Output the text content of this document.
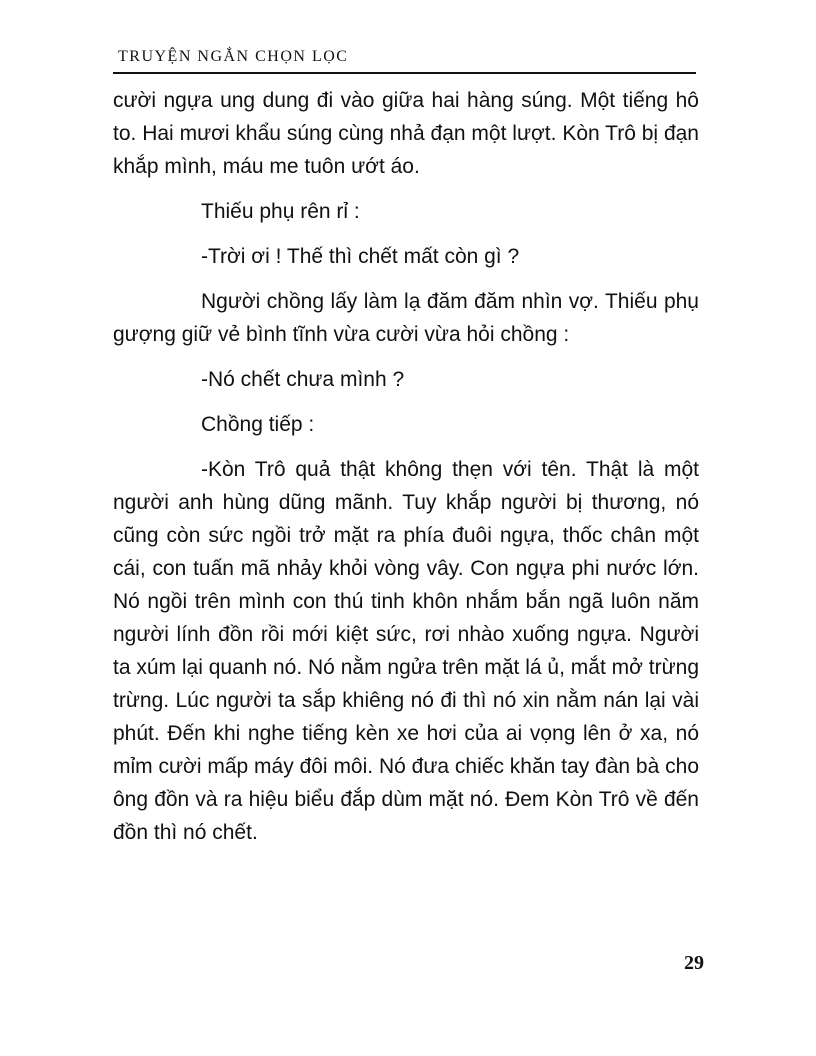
TRUYỆN NGẮN CHỌN LỌC

cười ngựa ung dung đi vào giữa hai hàng súng. Một tiếng hô to. Hai mươi khẩu súng cùng nhả đạn một lượt. Kòn Trô bị đạn khắp mình, máu me tuôn ướt áo.

Thiếu phụ rên rỉ :

-Trời ơi ! Thế thì chết mất còn gì ?

Người chồng lấy làm lạ đăm đăm nhìn vợ. Thiếu phụ gượng giữ vẻ bình tĩnh vừa cười vừa hỏi chồng :

-Nó chết chưa mình ?

Chồng tiếp :

-Kòn Trô quả thật không thẹn với tên. Thật là một người anh hùng dũng mãnh. Tuy khắp người bị thương, nó cũng còn sức ngồi trở mặt ra phía đuôi ngựa, thốc chân một cái, con tuấn mã nhảy khỏi vòng vây. Con ngựa phi nước lớn. Nó ngồi trên mình con thú tinh khôn nhắm bắn ngã luôn năm người lính đồn rồi mới kiệt sức, rơi nhào xuống ngựa. Người ta xúm lại quanh nó. Nó nằm ngửa trên mặt lá ủ, mắt mở trừng trừng. Lúc người ta sắp khiêng nó đi thì nó xin nằm nán lại vài phút. Đến khi nghe tiếng kèn xe hơi của ai vọng lên ở xa, nó mỉm cười mấp máy đôi môi. Nó đưa chiếc khăn tay đàn bà cho ông đồn và ra hiệu biểu đắp dùm mặt nó. Đem Kòn Trô về đến đồn thì nó chết.

29
